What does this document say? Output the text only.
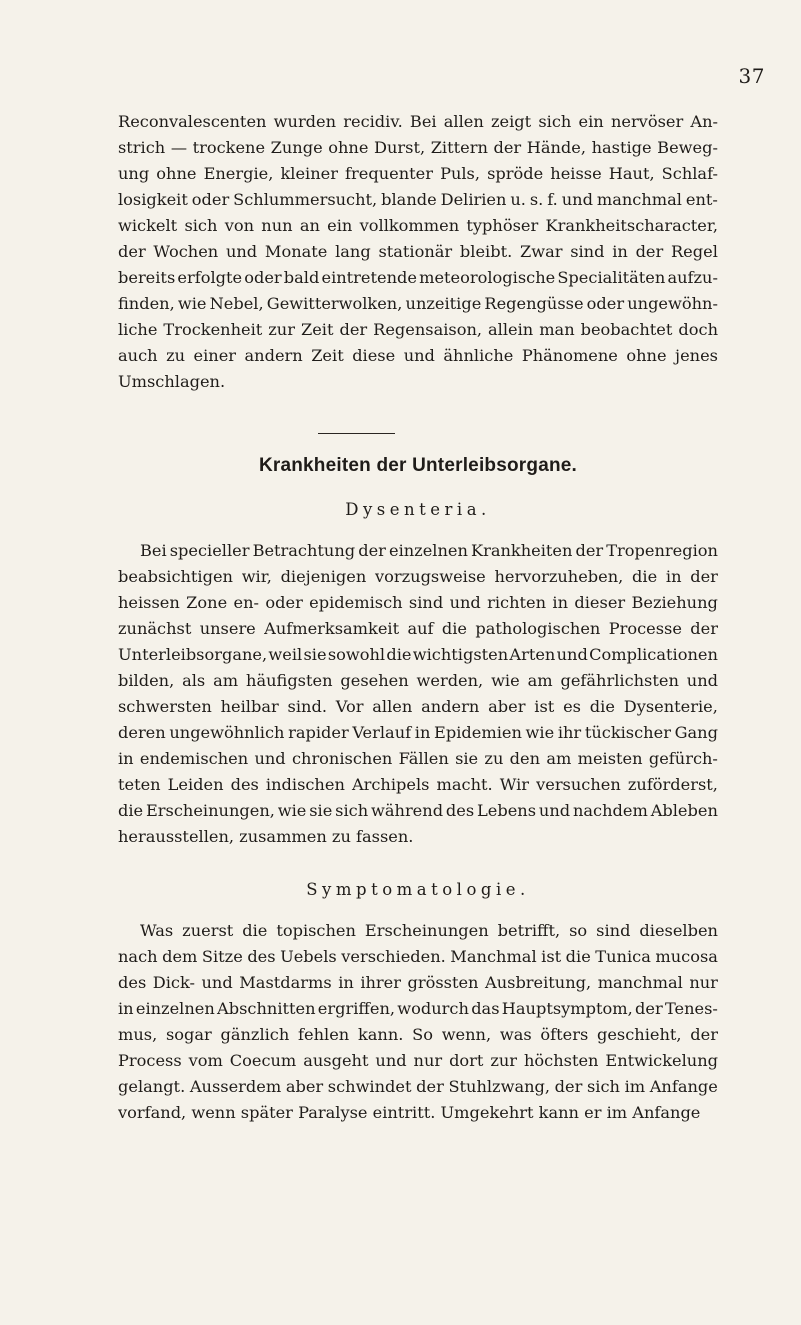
37
Reconvalescenten wurden recidiv. Bei allen zeigt sich ein nervöser An-
strich — trockene Zunge ohne Durst, Zittern der Hände, hastige Beweg-
ung ohne Energie, kleiner frequenter Puls, spröde heisse Haut, Schlaf-
losigkeit oder Schlummersucht, blande Delirien u. s. f. und manchmal ent-
wickelt sich von nun an ein vollkommen typhöser Krankheitscharacter,
der Wochen und Monate lang stationär bleibt. Zwar sind in der Regel
bereits erfolgte oder bald eintretende meteorologische Specialitäten aufzu-
finden, wie Nebel, Gewitterwolken, unzeitige Regengüsse oder ungewöhn-
liche Trockenheit zur Zeit der Regensaison, allein man beobachtet doch
auch zu einer andern Zeit diese und ähnliche Phänomene ohne jenes
Umschlagen.
Krankheiten der Unterleibsorgane.
Dysenteria.
Bei specieller Betrachtung der einzelnen Krankheiten der Tropenregion
beabsichtigen wir, diejenigen vorzugsweise hervorzuheben, die in der
heissen Zone en- oder epidemisch sind und richten in dieser Beziehung
zunächst unsere Aufmerksamkeit auf die pathologischen Processe der
Unterleibsorgane, weil sie sowohl die wichtigsten Arten und Complicationen
bilden, als am häufigsten gesehen werden, wie am gefährlichsten und
schwersten heilbar sind. Vor allen andern aber ist es die Dysenterie,
deren ungewöhnlich rapider Verlauf in Epidemien wie ihr tückischer Gang
in endemischen und chronischen Fällen sie zu den am meisten gefürch-
teten Leiden des indischen Archipels macht. Wir versuchen zuförderst,
die Erscheinungen, wie sie sich während des Lebens und nachdem Ableben
herausstellen, zusammen zu fassen.
Symptomatologie.
Was zuerst die topischen Erscheinungen betrifft, so sind dieselben
nach dem Sitze des Uebels verschieden. Manchmal ist die Tunica mucosa
des Dick- und Mastdarms in ihrer grössten Ausbreitung, manchmal nur
in einzelnen Abschnitten ergriffen, wodurch das Hauptsymptom, der Tenes-
mus, sogar gänzlich fehlen kann. So wenn, was öfters geschieht, der
Process vom Coecum ausgeht und nur dort zur höchsten Entwickelung
gelangt. Ausserdem aber schwindet der Stuhlzwang, der sich im Anfange
vorfand, wenn später Paralyse eintritt. Umgekehrt kann er im Anfange
